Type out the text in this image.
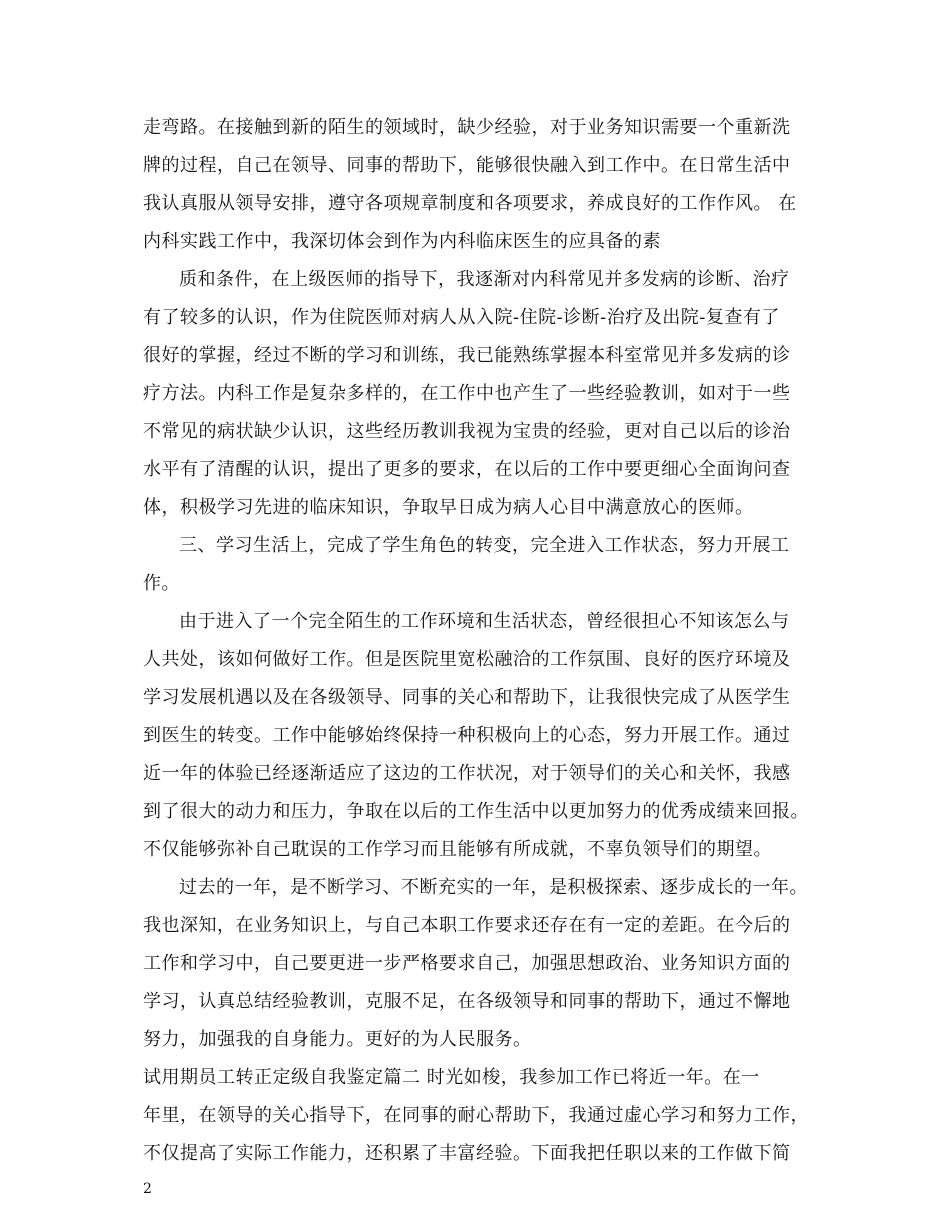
走弯路。在接触到新的陌生的领域时，缺少经验，对于业务知识需要一个重新洗
牌的过程，自己在领导、同事的帮助下，能够很快融入到工作中。在日常生活中
我认真服从领导安排，遵守各项规章制度和各项要求，养成良好的工作作风。 在
内科实践工作中，我深切体会到作为内科临床医生的应具备的素
质和条件，在上级医师的指导下，我逐渐对内科常见并多发病的诊断、治疗
有了较多的认识，作为住院医师对病人从入院-住院-诊断-治疗及出院-复查有了
很好的掌握，经过不断的学习和训练，我已能熟练掌握本科室常见并多发病的诊
疗方法。内科工作是复杂多样的，在工作中也产生了一些经验教训，如对于一些
不常见的病状缺少认识，这些经历教训我视为宝贵的经验，更对自己以后的诊治
水平有了清醒的认识，提出了更多的要求，在以后的工作中要更细心全面询问查
体，积极学习先进的临床知识，争取早日成为病人心目中满意放心的医师。
三、学习生活上，完成了学生角色的转变，完全进入工作状态，努力开展工
作。
由于进入了一个完全陌生的工作环境和生活状态，曾经很担心不知该怎么与
人共处，该如何做好工作。但是医院里宽松融洽的工作氛围、良好的医疗环境及
学习发展机遇以及在各级领导、同事的关心和帮助下，让我很快完成了从医学生
到医生的转变。工作中能够始终保持一种积极向上的心态，努力开展工作。通过
近一年的体验已经逐渐适应了这边的工作状况，对于领导们的关心和关怀，我感
到了很大的动力和压力，争取在以后的工作生活中以更加努力的优秀成绩来回报。
不仅能够弥补自己耽误的工作学习而且能够有所成就，不辜负领导们的期望。
过去的一年，是不断学习、不断充实的一年，是积极探索、逐步成长的一年。
我也深知，在业务知识上，与自己本职工作要求还存在有一定的差距。在今后的
工作和学习中，自己要更进一步严格要求自己，加强思想政治、业务知识方面的
学习，认真总结经验教训，克服不足，在各级领导和同事的帮助下，通过不懈地
努力，加强我的自身能力。更好的为人民服务。
试用期员工转正定级自我鉴定篇二 时光如梭，我参加工作已将近一年。在一
年里，在领导的关心指导下，在同事的耐心帮助下，我通过虚心学习和努力工作，
不仅提高了实际工作能力，还积累了丰富经验。下面我把任职以来的工作做下简
2
